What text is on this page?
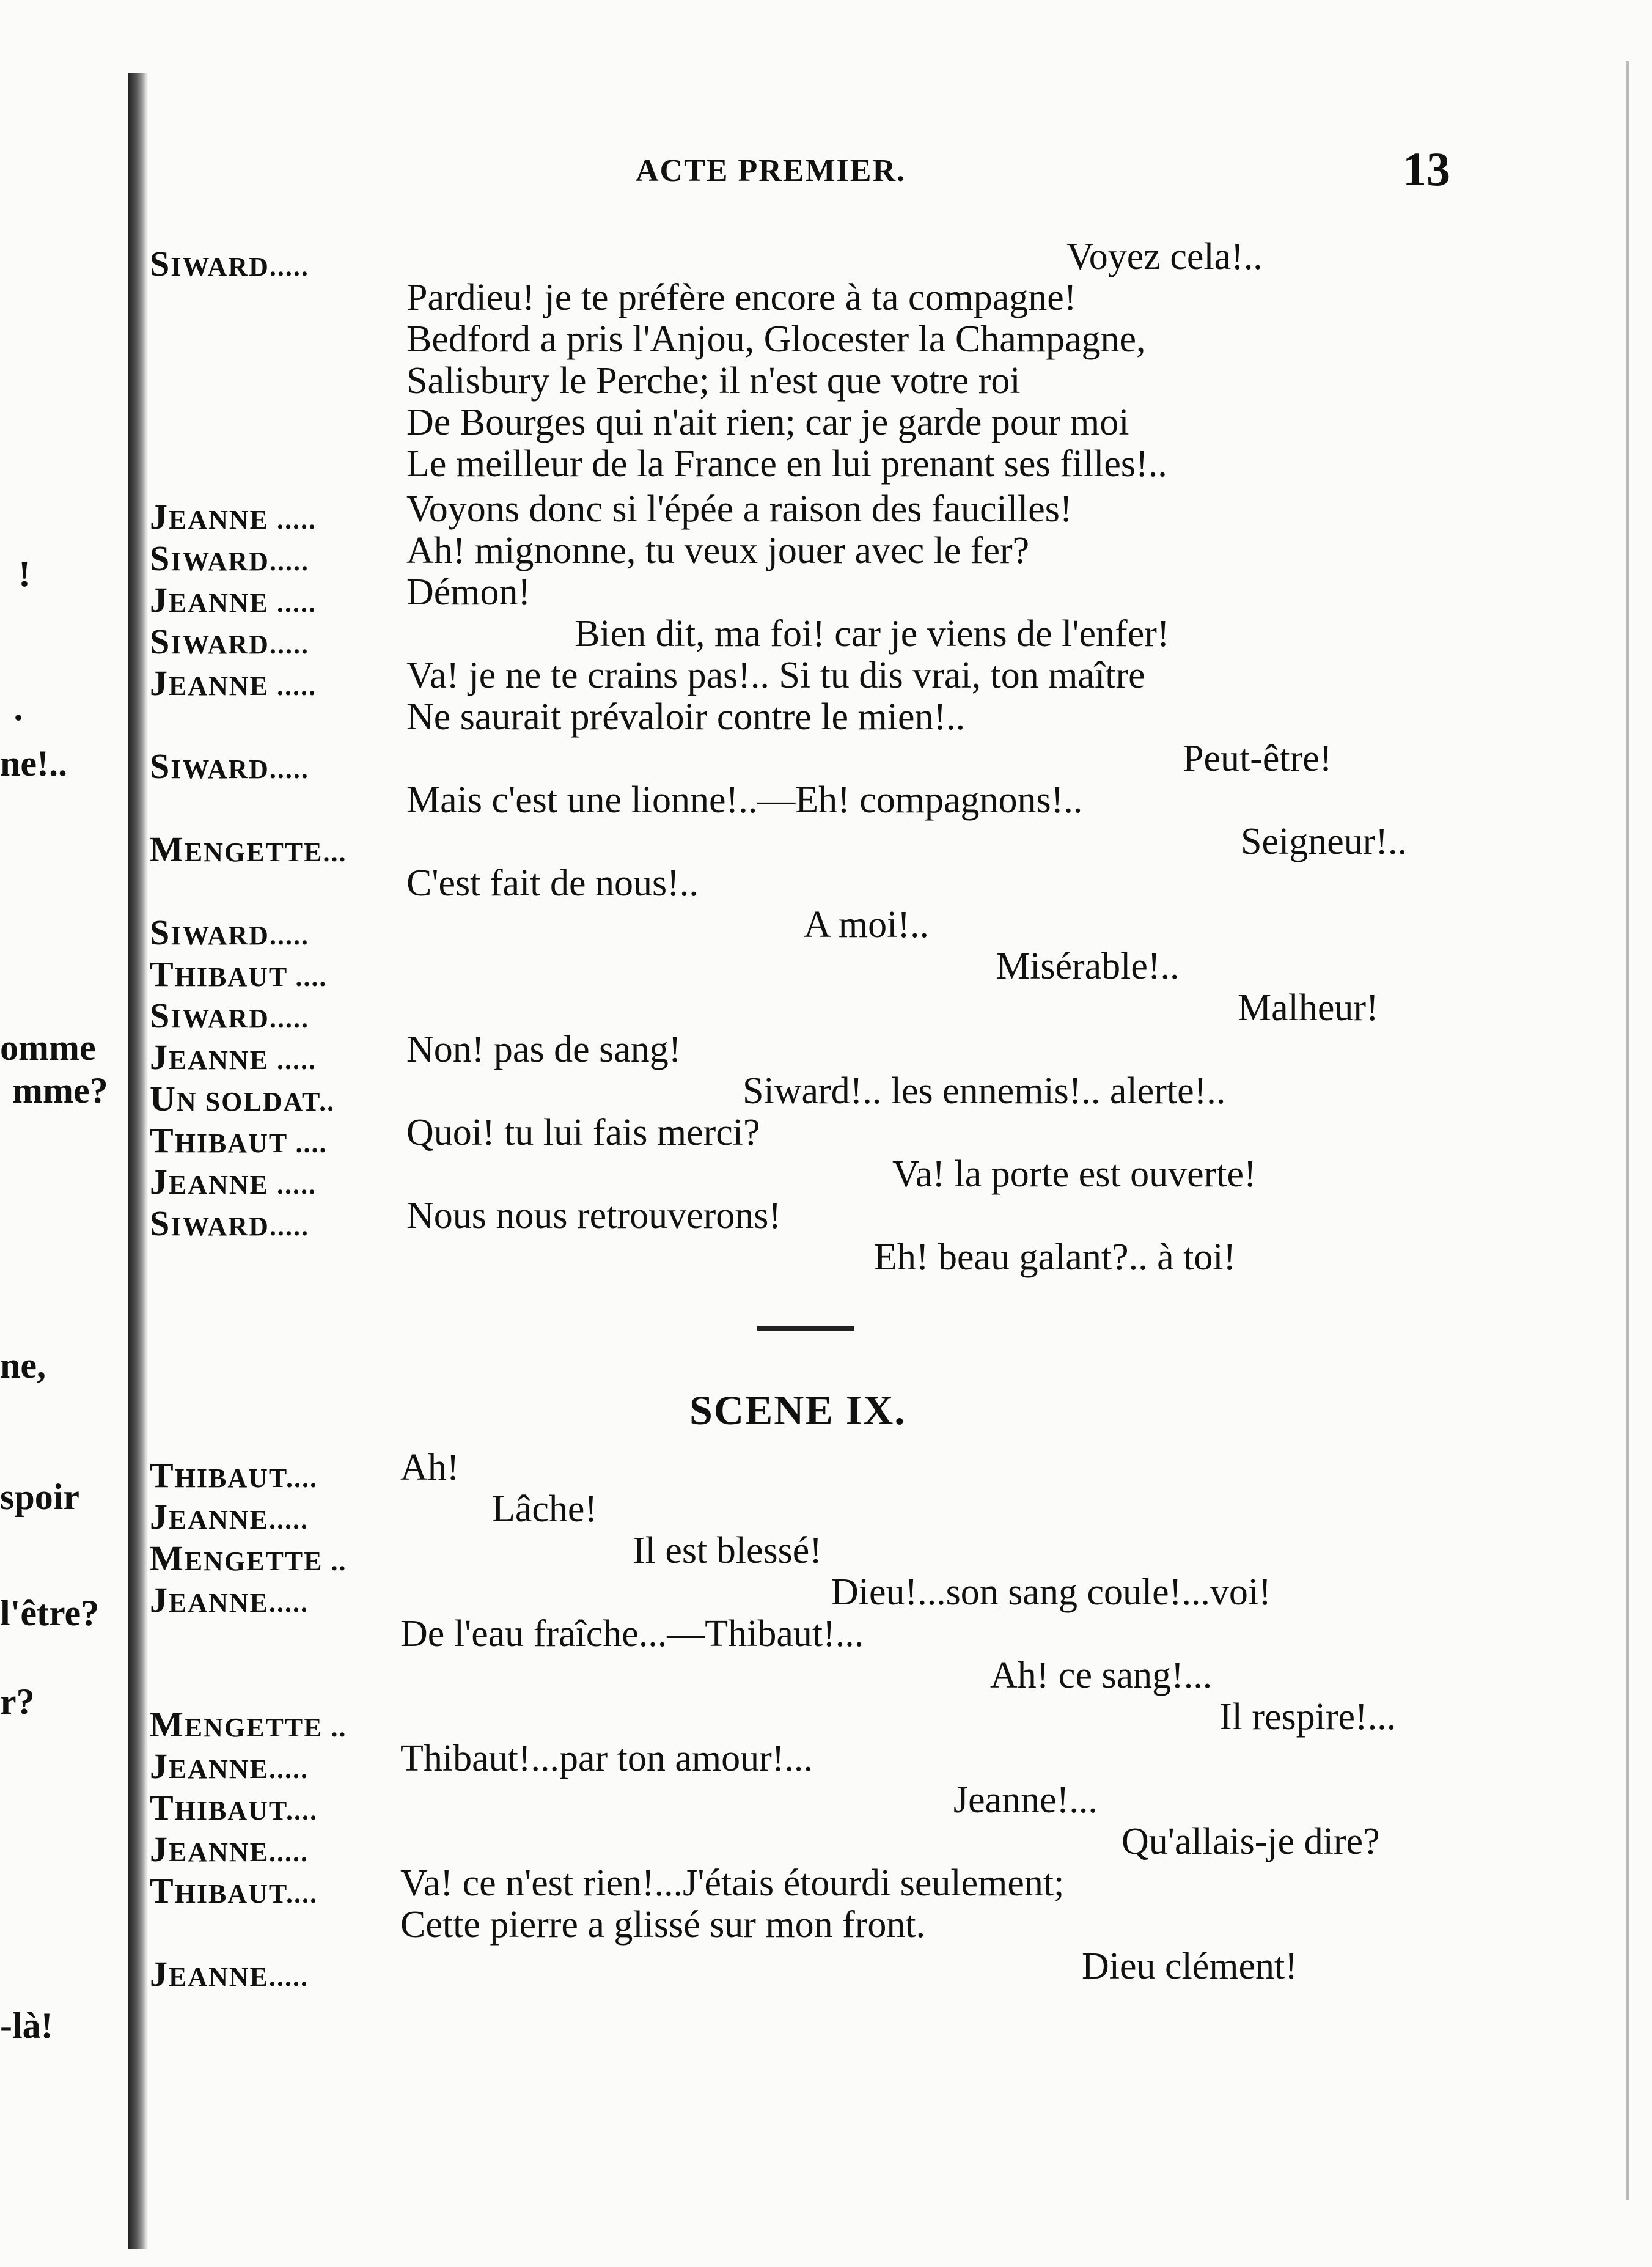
!
·
ne!..
omme
mme?
ne,
spoir
l'être?
r?
-là!
ACTE PREMIER.	13
SIWARD.....	Voyez cela!..
Pardieu! je te préfère encore à ta compagne!
Bedford a pris l'Anjou, Glocester la Champagne,
Salisbury le Perche; il n'est que votre roi
De Bourges qui n'ait rien; car je garde pour moi
Le meilleur de la France en lui prenant ses filles!..
JEANNE ..... Voyons donc si l'épée a raison des faucilles!
SIWARD.....	Ah! mignonne, tu veux jouer avec le fer?
JEANNE ..... Démon!
SIWARD.....	Bien dit, ma foi! car je viens de l'enfer!
JEANNE ..... Va! je ne te crains pas!.. Si tu dis vrai, ton maître
Ne saurait prévaloir contre le mien!..
SIWARD.....	Peut-être!
Mais c'est une lionne!..—Eh! compagnons!..
MENGETTE...	Seigneur!..
C'est fait de nous!..
SIWARD.....	A moi!..
THIBAUT ....	Misérable!..
SIWARD.....	Malheur!
JEANNE ..... Non! pas de sang!
UN SOLDAT..	Siward!.. les ennemis!.. alerte!..
THIBAUT .... Quoi! tu lui fais merci?
JEANNE .....	Va! la porte est ouverte!
SIWARD.....	Nous nous retrouverons!
Eh! beau galant?.. à toi!
SCENE IX.
THIBAUT.... Ah!
JEANNE.....	Lâche!
MENGETTE ..	Il est blessé!
JEANNE.....	Dieu!...son sang coule!...voi!
De l'eau fraîche...—Thibaut!...
Ah! ce sang!...
MENGETTE ..	Il respire!...
JEANNE..... Thibaut!...par ton amour!...
THIBAUT....	Jeanne!...
JEANNE.....	Qu'allais-je dire?
THIBAUT.... Va! ce n'est rien!...J'étais étourdi seulement;
Cette pierre a glissé sur mon front.
JEANNE.....	Dieu clément!
